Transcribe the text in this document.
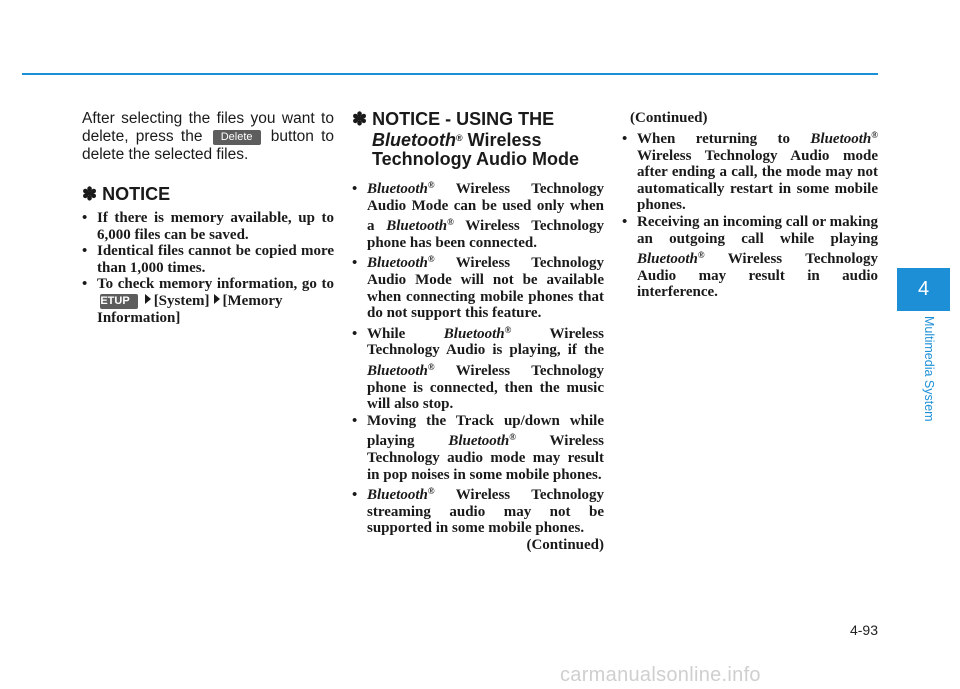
After selecting the files you want to delete, press the Delete button to delete the selected files.

✽ NOTICE
• If there is memory available, up to 6,000 files can be saved.
• Identical files cannot be copied more than 1,000 times.
• To check memory information, go to SETUP [System] [Memory Information]
✽ NOTICE - USING THE
Bluetooth® Wireless
Technology Audio Mode
• Bluetooth® Wireless Technology Audio Mode can be used only when a Bluetooth® Wireless Technology phone has been connected.
• Bluetooth® Wireless Technology Audio Mode will not be available when connecting mobile phones that do not support this feature.
• While	Bluetooth®	Wireless Technology Audio is playing, if the Bluetooth® Wireless Technology phone is connected, then the music will also stop.
• Moving the Track up/down while playing Bluetooth® Wireless Technology audio mode may result in pop noises in some mobile phones.
• Bluetooth® Wireless Technology streaming audio may not be supported in some mobile phones.
(Continued)
(Continued)
• When returning to Bluetooth® Wireless Technology Audio mode after ending a call, the mode may not automatically restart in some mobile phones.
• Receiving an incoming call or making an outgoing call while playing Bluetooth® Wireless Technology Audio may result in audio interference.	4
Multimedia System
4-93
carmanualsonline.info
